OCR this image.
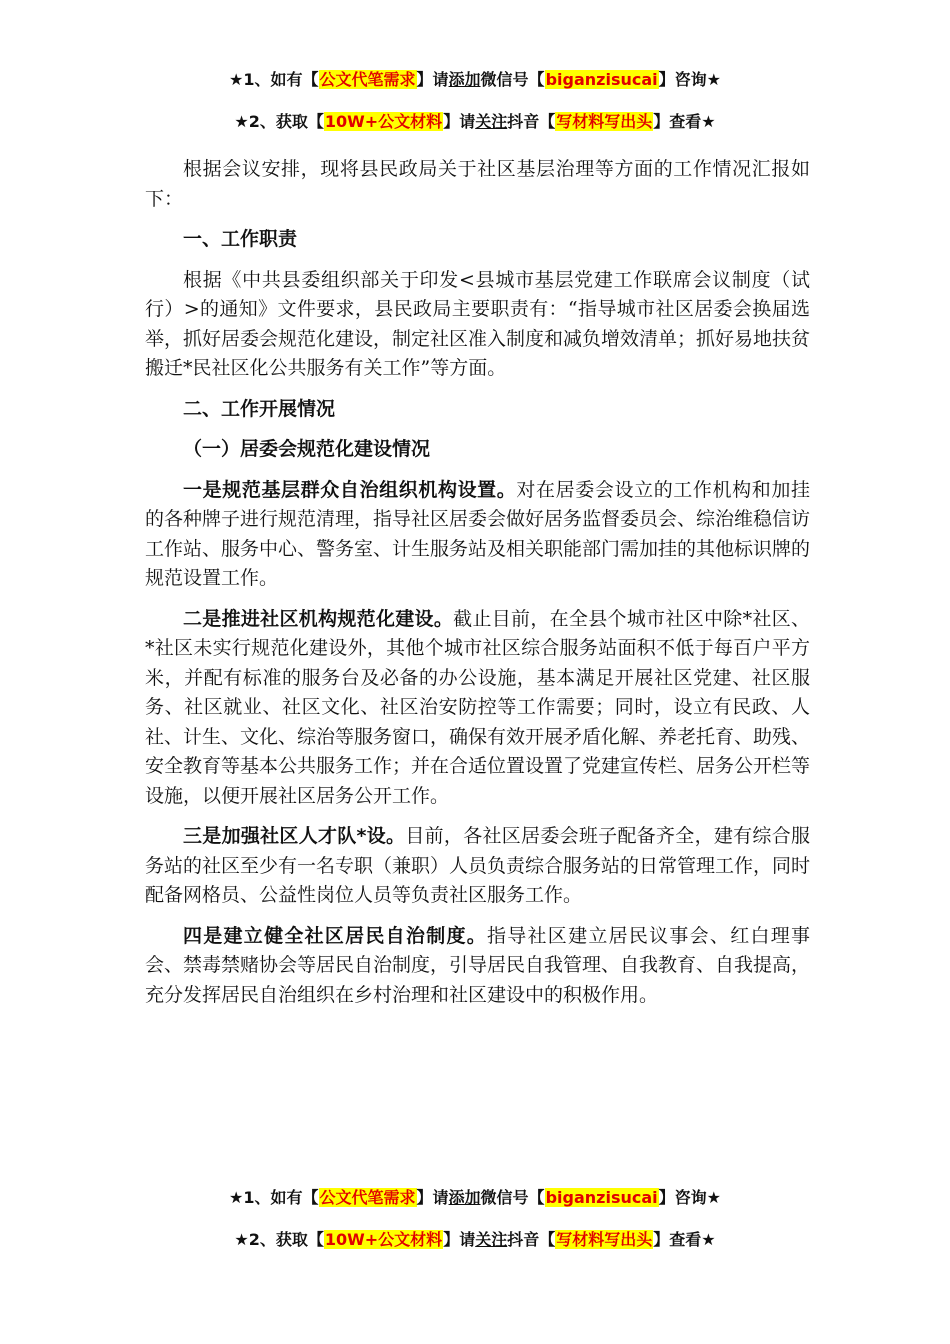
★1、如有【公文代笔需求】请添加微信号【biganzisucai】咨询★
★2、获取【10W+公文材料】请关注抖音【写材料写出头】查看★

根据会议安排，现将县民政局关于社区基层治理等方面的工作情况汇报如下：

一、工作职责

根据《中共县委组织部关于印发<县城市基层党建工作联席会议制度（试行）>的通知》文件要求，县民政局主要职责有：“指导城市社区居委会换届选举，抓好居委会规范化建设，制定社区准入制度和减负增效清单；抓好易地扶贫搬迁*民社区化公共服务有关工作”等方面。

二、工作开展情况

（一）居委会规范化建设情况

一是规范基层群众自治组织机构设置。对在居委会设立的工作机构和加挂的各种牌子进行规范清理，指导社区居委会做好居务监督委员会、综治维稳信访工作站、服务中心、警务室、计生服务站及相关职能部门需加挂的其他标识牌的规范设置工作。

二是推进社区机构规范化建设。截止目前，在全县个城市社区中除*社区、*社区未实行规范化建设外，其他个城市社区综合服务站面积不低于每百户平方米，并配有标准的服务台及必备的办公设施，基本满足开展社区党建、社区服务、社区就业、社区文化、社区治安防控等工作需要；同时，设立有民政、人社、计生、文化、综治等服务窗口，确保有效开展矛盾化解、养老托育、助残、安全教育等基本公共服务工作；并在合适位置设置了党建宣传栏、居务公开栏等设施，以便开展社区居务公开工作。

三是加强社区人才队*设。目前，各社区居委会班子配备齐全，建有综合服务站的社区至少有一名专职（兼职）人员负责综合服务站的日常管理工作，同时配备网格员、公益性岗位人员等负责社区服务工作。

四是建立健全社区居民自治制度。指导社区建立居民议事会、红白理事会、禁毒禁赌协会等居民自治制度，引导居民自我管理、自我教育、自我提高，充分发挥居民自治组织在乡村治理和社区建设中的积极作用。

★1、如有【公文代笔需求】请添加微信号【biganzisucai】咨询★
★2、获取【10W+公文材料】请关注抖音【写材料写出头】查看★
